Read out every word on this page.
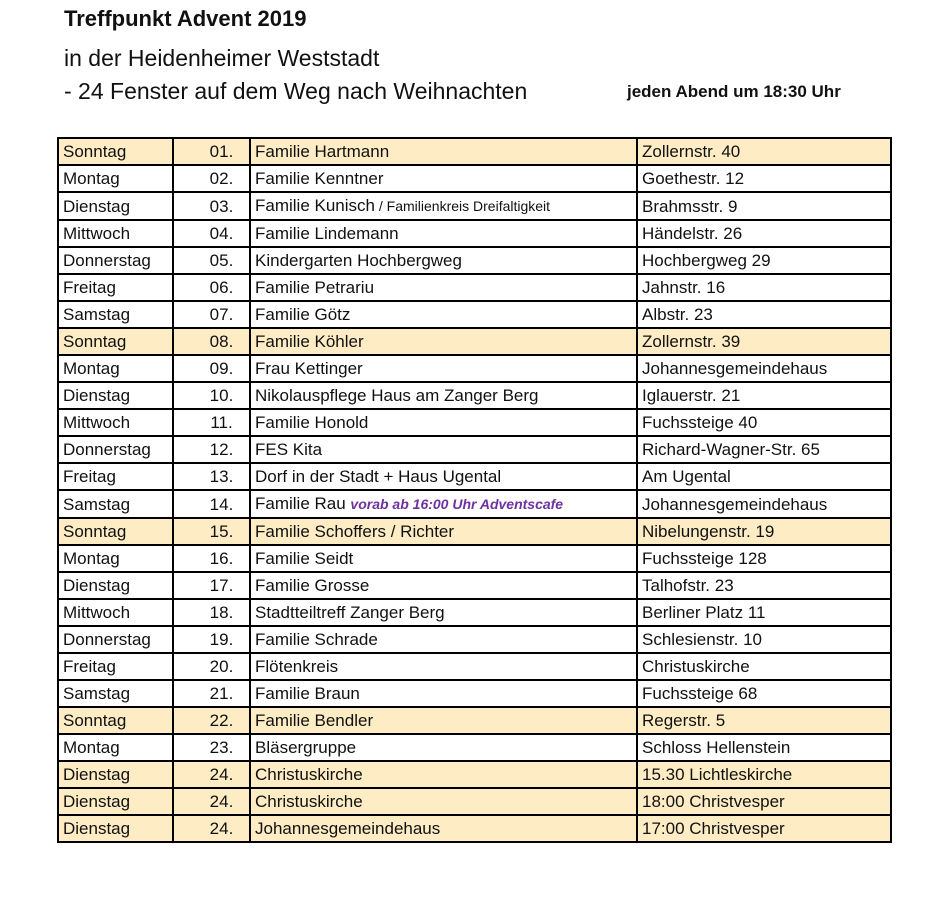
Treffpunkt Advent 2019
in der Heidenheimer Weststadt
- 24 Fenster auf dem Weg nach Weihnachten	jeden Abend um 18:30 Uhr
Sonntag	01.	Familie Hartmann	Zollernstr. 40
Montag	02.	Familie Kenntner	Goethestr. 12
Dienstag	03.	Familie Kunisch / Familienkreis Dreifaltigkeit	Brahmsstr. 9
Mittwoch	04.	Familie Lindemann	Händelstr. 26
Donnerstag	05.	Kindergarten Hochbergweg	Hochbergweg 29
Freitag	06.	Familie Petrariu	Jahnstr. 16
Samstag	07.	Familie Götz	Albstr. 23
Sonntag	08.	Familie Köhler	Zollernstr. 39
Montag	09.	Frau Kettinger	Johannesgemeindehaus
Dienstag	10.	Nikolauspflege Haus am Zanger Berg	Iglauerstr. 21
Mittwoch	11.	Familie Honold	Fuchssteige 40
Donnerstag	12.	FES Kita	Richard-Wagner-Str. 65
Freitag	13.	Dorf in der Stadt + Haus Ugental	Am Ugental
Samstag	14.	Familie Rau vorab ab 16:00 Uhr Adventscafe	Johannesgemeindehaus
Sonntag	15.	Familie Schoffers / Richter	Nibelungenstr. 19
Montag	16.	Familie Seidt	Fuchssteige 128
Dienstag	17.	Familie Grosse	Talhofstr. 23
Mittwoch	18.	Stadtteiltreff Zanger Berg	Berliner Platz 11
Donnerstag	19.	Familie Schrade	Schlesienstr. 10
Freitag	20.	Flötenkreis	Christuskirche
Samstag	21.	Familie Braun	Fuchssteige 68
Sonntag	22.	Familie Bendler	Regerstr. 5
Montag	23.	Bläsergruppe	Schloss Hellenstein
Dienstag	24.	Christuskirche	15.30 Lichtleskirche
Dienstag	24.	Christuskirche	18:00 Christvesper
Dienstag	24.	Johannesgemeindehaus	17:00 Christvesper
